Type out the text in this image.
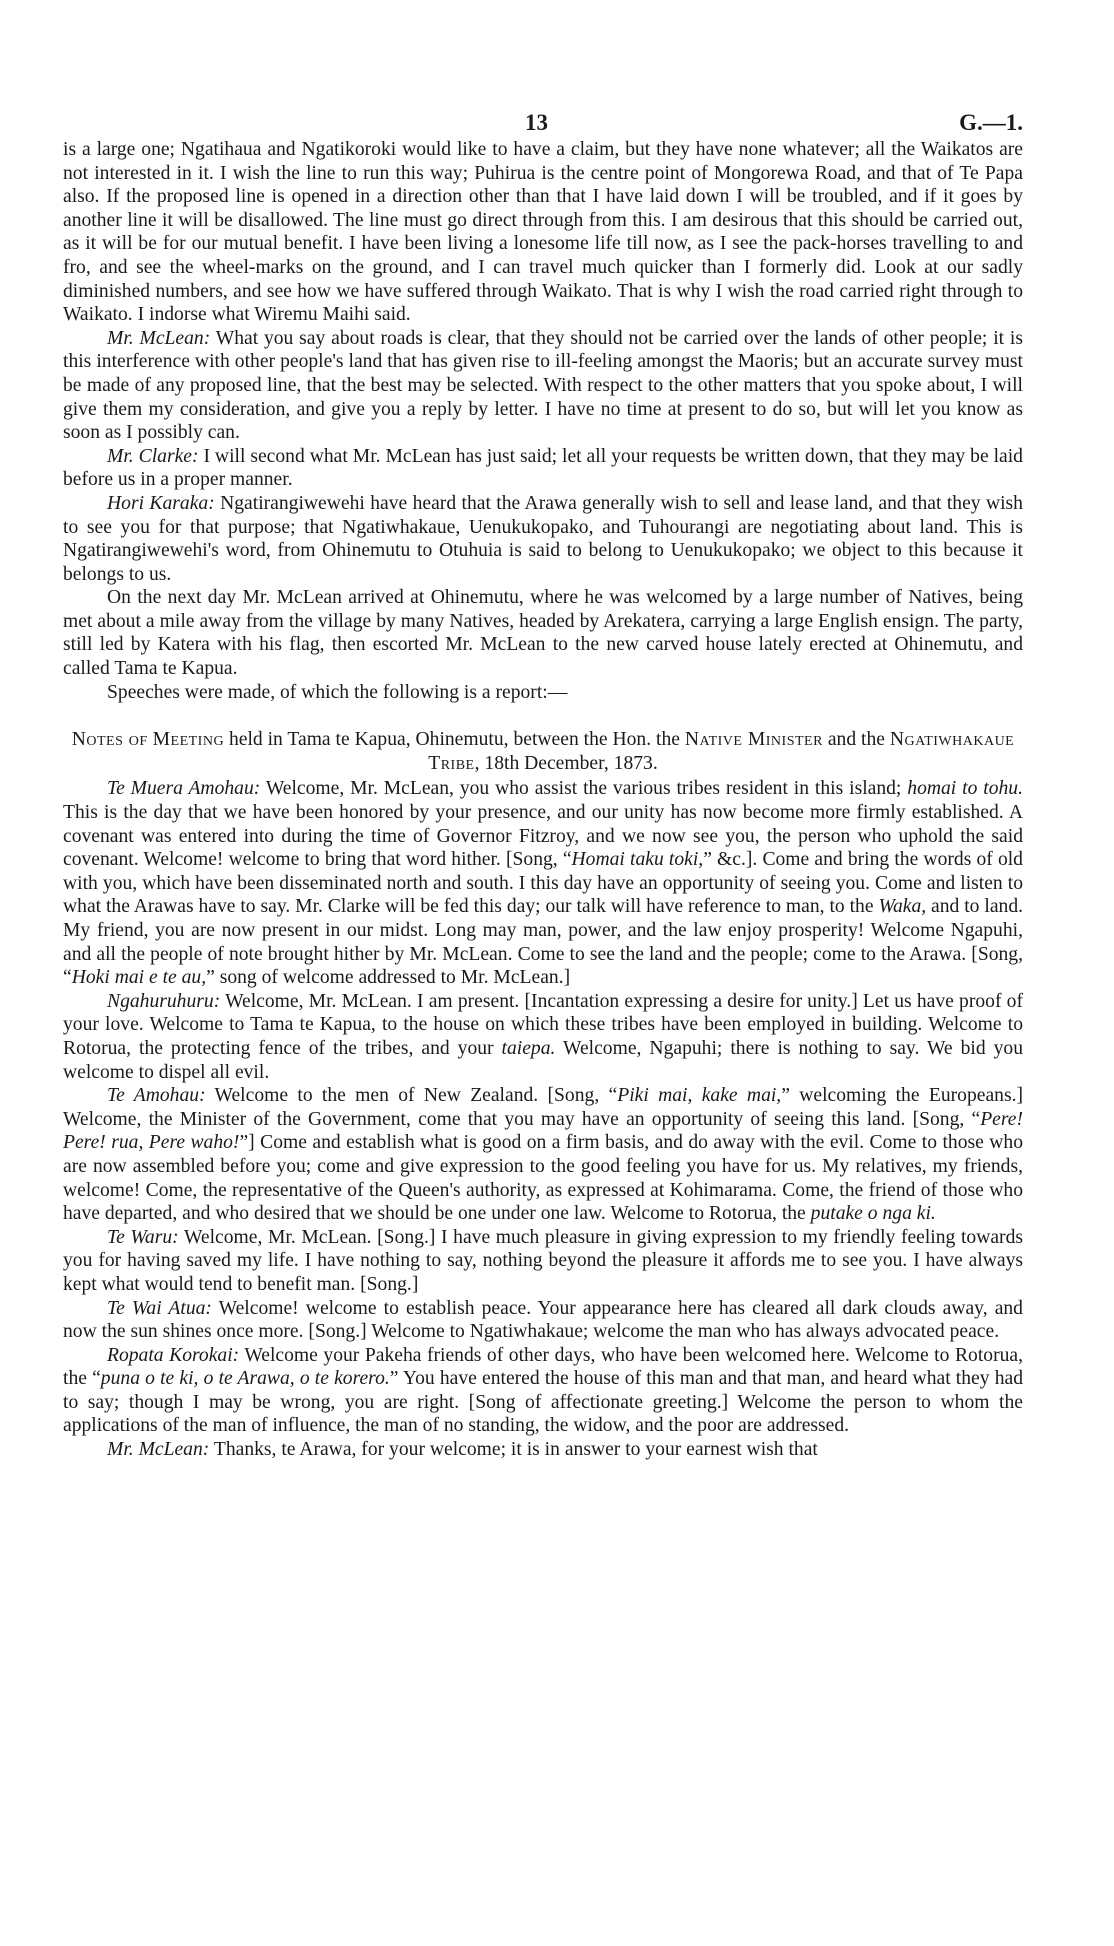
13	G.—1.

is a large one; Ngatihaua and Ngatikoroki would like to have a claim, but they have none whatever; all the Waikatos are not interested in it. I wish the line to run this way; Puhirua is the centre point of Mongorewa Road, and that of Te Papa also. If the proposed line is opened in a direction other than that I have laid down I will be troubled, and if it goes by another line it will be disallowed. The line must go direct through from this. I am desirous that this should be carried out, as it will be for our mutual benefit. I have been living a lonesome life till now, as I see the pack-horses travelling to and fro, and see the wheel-marks on the ground, and I can travel much quicker than I formerly did. Look at our sadly diminished numbers, and see how we have suffered through Waikato. That is why I wish the road carried right through to Waikato. I indorse what Wiremu Maihi said.

Mr. McLean: What you say about roads is clear, that they should not be carried over the lands of other people; it is this interference with other people's land that has given rise to ill-feeling amongst the Maoris; but an accurate survey must be made of any proposed line, that the best may be selected. With respect to the other matters that you spoke about, I will give them my consideration, and give you a reply by letter. I have no time at present to do so, but will let you know as soon as I possibly can.

Mr. Clarke: I will second what Mr. McLean has just said; let all your requests be written down, that they may be laid before us in a proper manner.

Hori Karaka: Ngatirangiwewehi have heard that the Arawa generally wish to sell and lease land, and that they wish to see you for that purpose; that Ngatiwhakaue, Uenukukopako, and Tuhourangi are negotiating about land. This is Ngatirangiwewehi's word, from Ohinemutu to Otuhuia is said to belong to Uenukukopako; we object to this because it belongs to us.

On the next day Mr. McLean arrived at Ohinemutu, where he was welcomed by a large number of Natives, being met about a mile away from the village by many Natives, headed by Arekatera, carrying a large English ensign. The party, still led by Katera with his flag, then escorted Mr. McLean to the new carved house lately erected at Ohinemutu, and called Tama te Kapua.

Speeches were made, of which the following is a report:—

Notes of Meeting held in Tama te Kapua, Ohinemutu, between the Hon. the Native Minister and the Ngatiwhakaue Tribe, 18th December, 1873.

Te Muera Amohau: Welcome, Mr. McLean, you who assist the various tribes resident in this island; homai to tohu. This is the day that we have been honored by your presence, and our unity has now become more firmly established. A covenant was entered into during the time of Governor Fitzroy, and we now see you, the person who uphold the said covenant. Welcome! welcome to bring that word hither. [Song, “Homai taku toki,” &c.]. Come and bring the words of old with you, which have been disseminated north and south. I this day have an opportunity of seeing you. Come and listen to what the Arawas have to say. Mr. Clarke will be fed this day; our talk will have reference to man, to the Waka, and to land. My friend, you are now present in our midst. Long may man, power, and the law enjoy prosperity! Welcome Ngapuhi, and all the people of note brought hither by Mr. McLean. Come to see the land and the people; come to the Arawa. [Song, “Hoki mai e te au,” song of welcome addressed to Mr. McLean.]

Ngahuruhuru: Welcome, Mr. McLean. I am present. [Incantation expressing a desire for unity.] Let us have proof of your love. Welcome to Tama te Kapua, to the house on which these tribes have been employed in building. Welcome to Rotorua, the protecting fence of the tribes, and your taiepa. Welcome, Ngapuhi; there is nothing to say. We bid you welcome to dispel all evil.

Te Amohau: Welcome to the men of New Zealand. [Song, “Piki mai, kake mai,” welcoming the Europeans.] Welcome, the Minister of the Government, come that you may have an opportunity of seeing this land. [Song, “Pere! Pere! rua, Pere waho!”] Come and establish what is good on a firm basis, and do away with the evil. Come to those who are now assembled before you; come and give expression to the good feeling you have for us. My relatives, my friends, welcome! Come, the representative of the Queen's authority, as expressed at Kohimarama. Come, the friend of those who have departed, and who desired that we should be one under one law. Welcome to Rotorua, the putake o nga ki.

Te Waru: Welcome, Mr. McLean. [Song.] I have much pleasure in giving expression to my friendly feeling towards you for having saved my life. I have nothing to say, nothing beyond the pleasure it affords me to see you. I have always kept what would tend to benefit man. [Song.]

Te Wai Atua: Welcome! welcome to establish peace. Your appearance here has cleared all dark clouds away, and now the sun shines once more. [Song.] Welcome to Ngatiwhakaue; welcome the man who has always advocated peace.

Ropata Korokai: Welcome your Pakeha friends of other days, who have been welcomed here. Welcome to Rotorua, the “puna o te ki, o te Arawa, o te korero.” You have entered the house of this man and that man, and heard what they had to say; though I may be wrong, you are right. [Song of affectionate greeting.] Welcome the person to whom the applications of the man of influence, the man of no standing, the widow, and the poor are addressed.

Mr. McLean: Thanks, te Arawa, for your welcome; it is in answer to your earnest wish that
